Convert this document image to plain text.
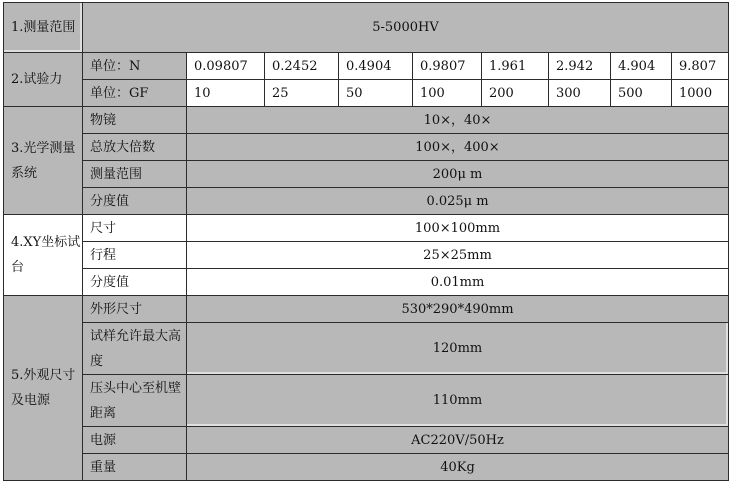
1.测量范围	5-5000HV								
2.试验力	单位：N	0.09807	0.2452	0.4904	0.9807	1.961	2.942	4.904	9.807
	单位：GF	10	25	50	100	200	300	500	1000
3.光学测量系统	物镜	10×，40×							
	总放大倍数	100×，400×							
	测量范围	200μ m							
	分度值	0.025μ m							
4.XY坐标试台	尺寸	100×100mm							
	行程	25×25mm							
	分度值	0.01mm							
5.外观尺寸及电源	外形尺寸	530*290*490mm							
	试样允许最大高度	120mm							
	压头中心至机壁距离	110mm							
	电源	AC220V/50Hz							
	重量	40Kg							
